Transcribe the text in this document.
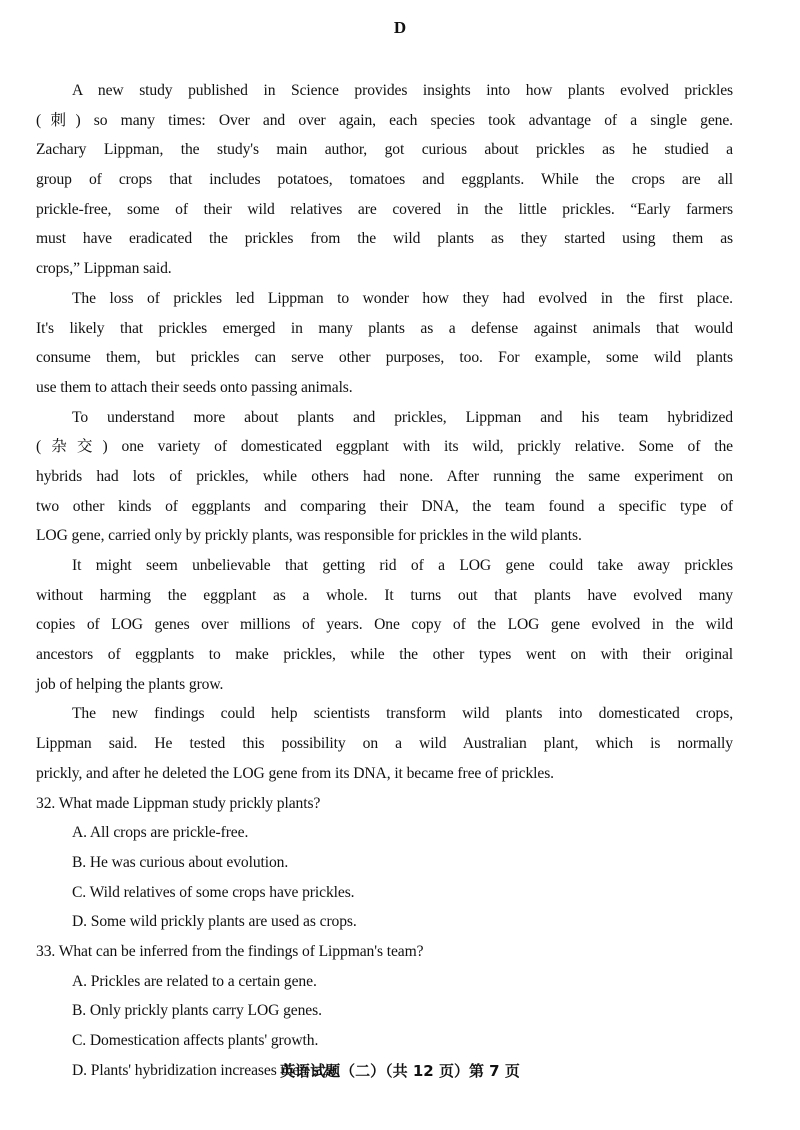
D
A new study published in Science provides insights into how plants evolved prickles
(刺) so many times: Over and over again, each species took advantage of a single gene.
Zachary Lippman, the study's main author, got curious about prickles as he studied a
group of crops that includes potatoes, tomatoes and eggplants. While the crops are all
prickle-free, some of their wild relatives are covered in the little prickles. “Early farmers
must have eradicated the prickles from the wild plants as they started using them as
crops,” Lippman said.
The loss of prickles led Lippman to wonder how they had evolved in the first place.
It's likely that prickles emerged in many plants as a defense against animals that would
consume them, but prickles can serve other purposes, too. For example, some wild plants
use them to attach their seeds onto passing animals.
To understand more about plants and prickles, Lippman and his team hybridized
(杂交) one variety of domesticated eggplant with its wild, prickly relative. Some of the
hybrids had lots of prickles, while others had none. After running the same experiment on
two other kinds of eggplants and comparing their DNA, the team found a specific type of
LOG gene, carried only by prickly plants, was responsible for prickles in the wild plants.
It might seem unbelievable that getting rid of a LOG gene could take away prickles
without harming the eggplant as a whole. It turns out that plants have evolved many
copies of LOG genes over millions of years. One copy of the LOG gene evolved in the wild
ancestors of eggplants to make prickles, while the other types went on with their original
job of helping the plants grow.
The new findings could help scientists transform wild plants into domesticated crops,
Lippman said. He tested this possibility on a wild Australian plant, which is normally
prickly, and after he deleted the LOG gene from its DNA, it became free of prickles.
32. What made Lippman study prickly plants?
A. All crops are prickle-free.
B. He was curious about evolution.
C. Wild relatives of some crops have prickles.
D. Some wild prickly plants are used as crops.
33. What can be inferred from the findings of Lippman's team?
A. Prickles are related to a certain gene.
B. Only prickly plants carry LOG genes.
C. Domestication affects plants' growth.
D. Plants' hybridization increases their size.
英语试题（二）（共 12 页）第 7 页
